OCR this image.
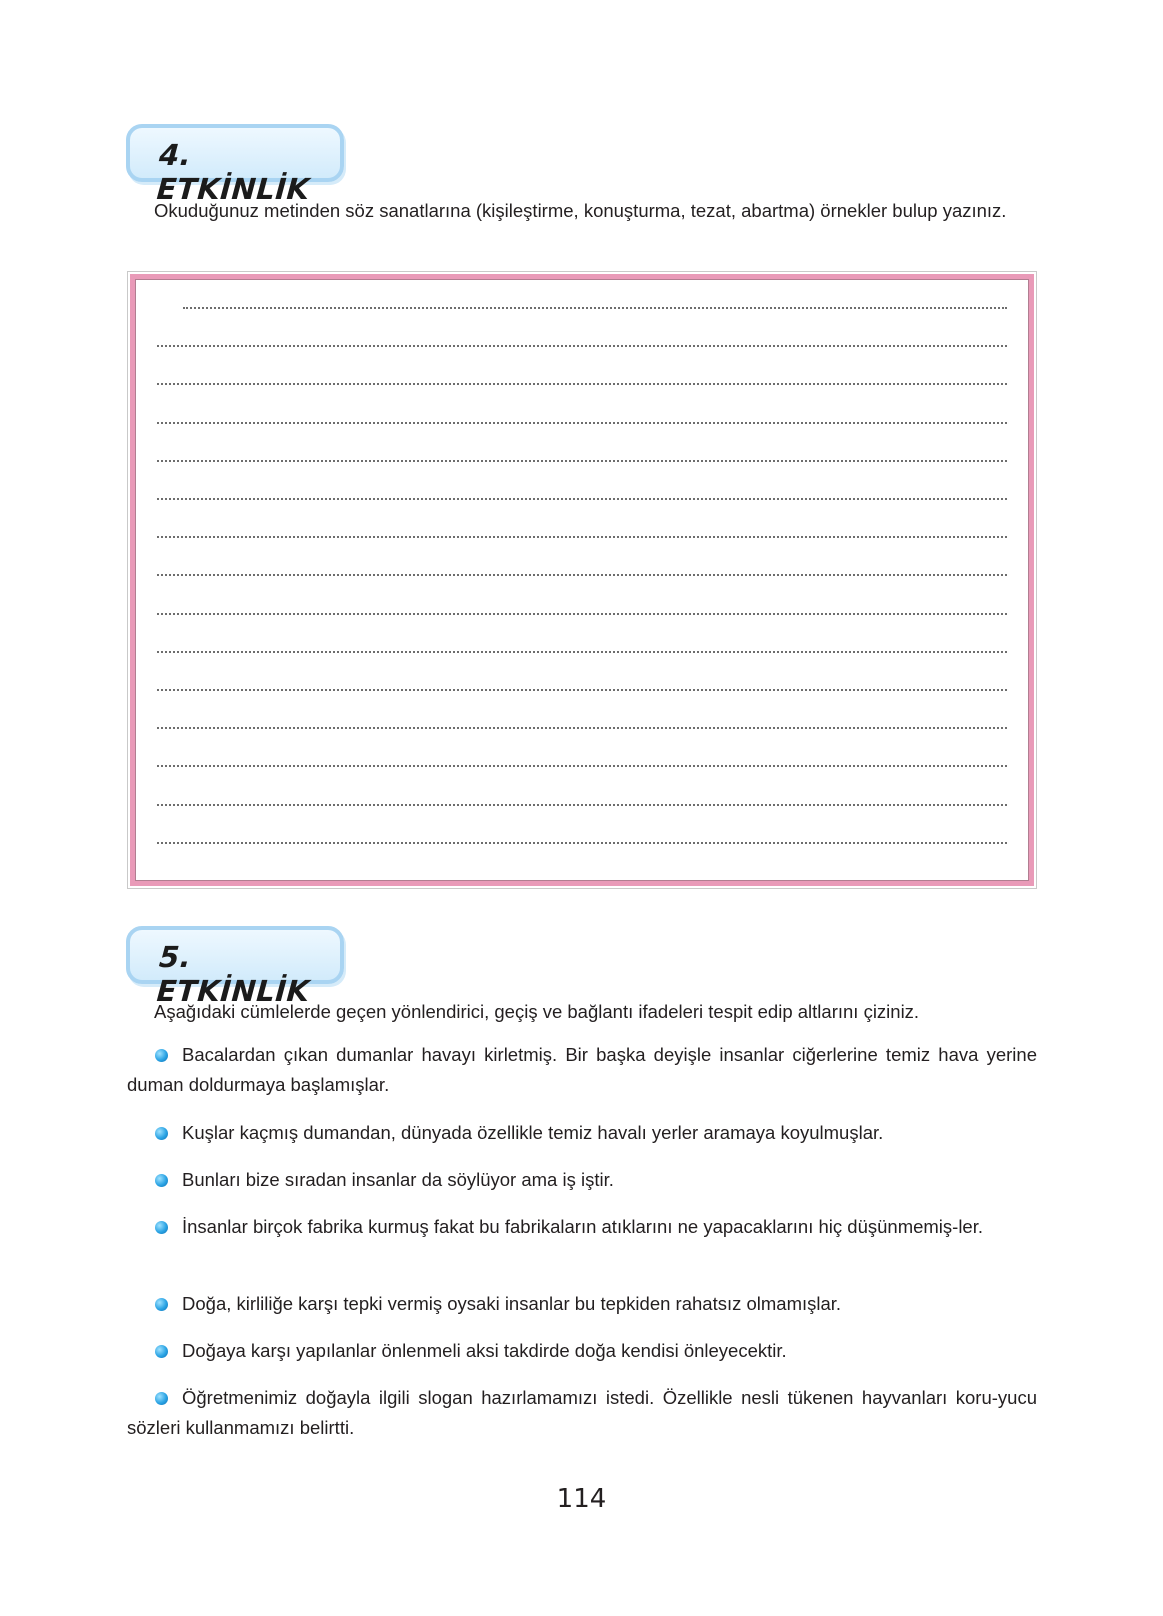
4. ETKİNLİK

Okuduğunuz metinden söz sanatlarına (kişileştirme, konuşturma, tezat, abartma) örnekler bulup yazınız.

5. ETKİNLİK

Aşağıdaki cümlelerde geçen yönlendirici, geçiş ve bağlantı ifadeleri tespit edip altlarını çiziniz.

Bacalardan çıkan dumanlar havayı kirletmiş. Bir başka deyişle insanlar ciğerlerine temiz hava yerine duman doldurmaya başlamışlar.

Kuşlar kaçmış dumandan, dünyada özellikle temiz havalı yerler aramaya koyulmuşlar.

Bunları bize sıradan insanlar da söylüyor ama iş iştir.

İnsanlar birçok fabrika kurmuş fakat bu fabrikaların atıklarını ne yapacaklarını hiç düşünmemiş-ler.

Doğa, kirliliğe karşı tepki vermiş oysaki insanlar bu tepkiden rahatsız olmamışlar.

Doğaya karşı yapılanlar önlenmeli aksi takdirde doğa kendisi önleyecektir.

Öğretmenimiz doğayla ilgili slogan hazırlamamızı istedi. Özellikle nesli tükenen hayvanları koru-yucu sözleri kullanmamızı belirtti.

114
